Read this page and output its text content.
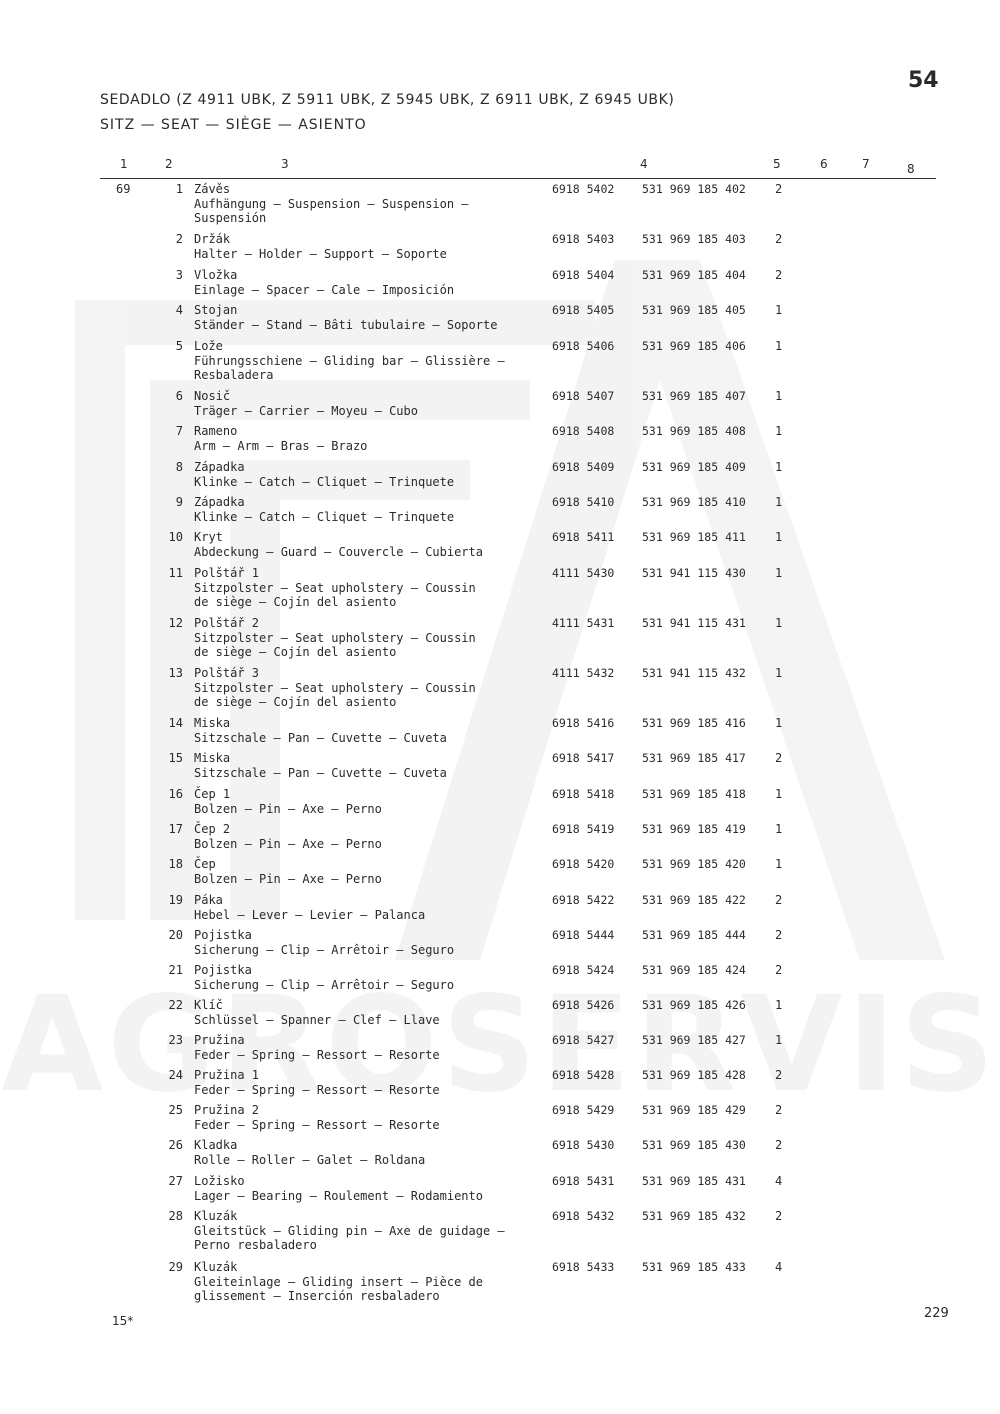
54
SEDADLO (Z 4911 UBK, Z 5911 UBK, Z 5945 UBK, Z 6911 UBK, Z 6945 UBK)
SITZ — SEAT — SIÈGE — ASIENTO
1	2	3	4	5	6	7	8
69	1 Závěs
Aufhängung — Suspension — Suspension —
Suspensión
6918 5402	531 969 185 402	2
2 Držák
Halter — Holder — Support — Soporte
6918 5403	531 969 185 403	2
3 Vložka
Einlage — Spacer — Cale — Imposición
6918 5404	531 969 185 404	2
4 Stojan
Ständer — Stand — Bâti tubulaire — Soporte
6918 5405	531 969 185 405	1
5 Lože
Führungsschiene — Gliding bar — Glissière —
Resbaladera
6918 5406	531 969 185 406	1
6 Nosič
Träger — Carrier — Moyeu — Cubo
6918 5407	531 969 185 407	1
7 Rameno
Arm — Arm — Bras — Brazo
6918 5408	531 969 185 408	1
8 Západka
Klinke — Catch — Cliquet — Trinquete
6918 5409	531 969 185 409	1
9 Západka
Klinke — Catch — Cliquet — Trinquete
6918 5410	531 969 185 410	1
10 Kryt
Abdeckung — Guard — Couvercle — Cubierta
6918 5411	531 969 185 411	1
11 Polštář 1
Sitzpolster — Seat upholstery — Coussin
de siège — Cojín del asiento
4111 5430	531 941 115 430	1
12 Polštář 2
Sitzpolster — Seat upholstery — Coussin
de siège — Cojín del asiento
4111 5431	531 941 115 431	1
13 Polštář 3
Sitzpolster — Seat upholstery — Coussin
de siège — Cojín del asiento
4111 5432	531 941 115 432	1
14 Miska
Sitzschale — Pan — Cuvette — Cuveta
6918 5416	531 969 185 416	1
15 Miska
Sitzschale — Pan — Cuvette — Cuveta
6918 5417	531 969 185 417	2
16 Čep 1
Bolzen — Pin — Axe — Perno
6918 5418	531 969 185 418	1
17 Čep 2
Bolzen — Pin — Axe — Perno
6918 5419	531 969 185 419	1
18 Čep
Bolzen — Pin — Axe — Perno
6918 5420	531 969 185 420	1
19 Páka
Hebel — Lever — Levier — Palanca
6918 5422	531 969 185 422	2
20 Pojistka
Sicherung — Clip — Arrêtoir — Seguro
6918 5444	531 969 185 444	2
21 Pojistka
Sicherung — Clip — Arrêtoir — Seguro
6918 5424	531 969 185 424	2
22 Klíč
Schlüssel — Spanner — Clef — Llave
6918 5426	531 969 185 426	1
23 Pružina
Feder — Spring — Ressort — Resorte
6918 5427	531 969 185 427	1
24 Pružina 1
Feder — Spring — Ressort — Resorte
6918 5428	531 969 185 428	2
25 Pružina 2
Feder — Spring — Ressort — Resorte
6918 5429	531 969 185 429	2
26 Kladka
Rolle — Roller — Galet — Roldana
6918 5430	531 969 185 430	2
27 Ložisko
Lager — Bearing — Roulement — Rodamiento
6918 5431	531 969 185 431	4
28 Kluzák
Gleitstück — Gliding pin — Axe de guidage —
Perno resbaladero
6918 5432	531 969 185 432	2
29 Kluzák
Gleiteinlage — Gliding insert — Pièce de
glissement — Inserción resbaladero
6918 5433	531 969 185 433	4
15*	229
